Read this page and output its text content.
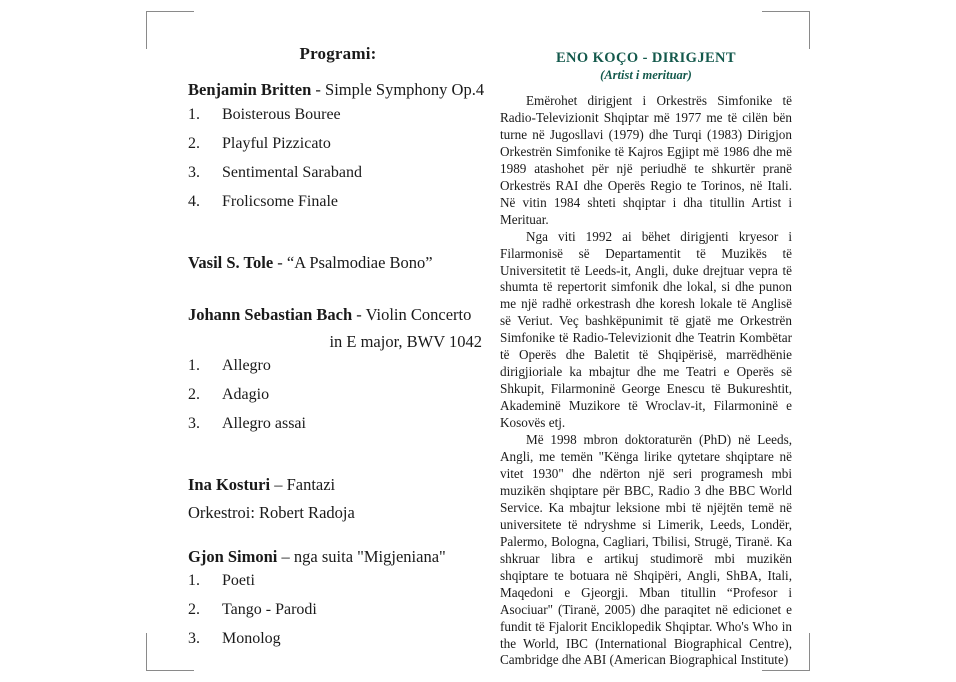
Programi:

Benjamin Britten - Simple Symphony Op.4

1.	Boisterous Bouree
2.	Playful Pizzicato
3.	Sentimental Saraband
4.	Frolicsome Finale

Vasil S. Tole - “A Psalmodiae Bono”

Johann Sebastian Bach - Violin Concerto

in E major, BWV 1042

1.	Allegro
2.	Adagio
3.	Allegro assai

Ina Kosturi – Fantazi

Orkestroi: Robert Radoja

Gjon Simoni – nga suita "Migjeniana"

1.	Poeti
2.	Tango - Parodi
3.	Monolog
ENO KOÇO - DIRIGJENT
(Artist i merituar)

Emërohet dirigjent i Orkestrës Simfonike të Radio-Televizionit Shqiptar më 1977 me të cilën bën turne në Jugosllavi (1979) dhe Turqi (1983) Dirigjon Orkestrën Simfonike të Kajros Egjipt më 1986 dhe më 1989 atashohet për një periudhë te shkurtër pranë Orkestrës RAI dhe Operës Regio te Torinos, në Itali. Në vitin 1984 shteti shqiptar i dha titullin Artist i Merituar.

Nga viti 1992 ai bëhet dirigjenti kryesor i Filarmonisë së Departamentit të Muzikës të Universitetit të Leeds-it, Angli, duke drejtuar vepra të shumta të repertorit simfonik dhe lokal, si dhe punon me një radhë orkestrash dhe koresh lokale të Anglisë së Veriut. Veç bashkëpunimit të gjatë me Orkestrën Simfonike të Radio-Televizionit dhe Teatrin Kombëtar të Operës dhe Baletit të Shqipërisë, marrëdhënie dirigjioriale ka mbajtur dhe me Teatri e Operës së Shkupit, Filarmoninë George Enescu të Bukureshtit, Akademinë Muzikore të Wroclav-it, Filarmoninë e Kosovës etj.

Më 1998 mbron doktoraturën (PhD) në Leeds, Angli, me temën "Kënga lirike qytetare shqiptare në vitet 1930" dhe ndërton një seri programesh mbi muzikën shqiptare për BBC, Radio 3 dhe BBC World Service. Ka mbajtur leksione mbi të njëjtën temë në universitete të ndryshme si Limerik, Leeds, Londër, Palermo, Bologna, Cagliari, Tbilisi, Strugë, Tiranë. Ka shkruar libra e artikuj studimorë mbi muzikën shqiptare te botuara në Shqipëri, Angli, ShBA, Itali, Maqedoni e Gjeorgji. Mban titullin “Profesor i Asociuar" (Tiranë, 2005) dhe paraqitet në edicionet e fundit të Fjalorit Enciklopedik Shqiptar. Who's Who in the World, IBC (International Biographical Centre), Cambridge dhe ABI (American Biographical Institute)
